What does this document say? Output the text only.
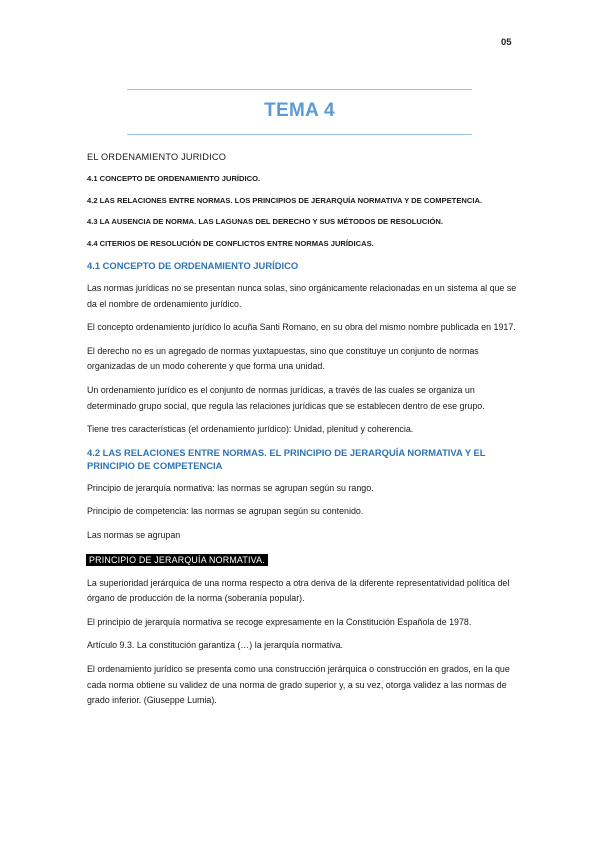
05
TEMA 4
EL ORDENAMIENTO JURIDICO
4.1 CONCEPTO DE ORDENAMIENTO JURÍDICO.
4.2 LAS RELACIONES ENTRE NORMAS. LOS PRINCIPIOS DE JERARQUÍA NORMATIVA Y DE COMPETENCIA.
4.3 LA AUSENCIA DE NORMA. LAS LAGUNAS DEL DERECHO Y SUS MÉTODOS DE RESOLUCIÓN.
4.4 CITERIOS DE RESOLUCIÓN DE CONFLICTOS ENTRE NORMAS JURÍDICAS.
4.1 CONCEPTO DE ORDENAMIENTO JURÍDICO

Las normas jurídicas no se presentan nunca solas, sino orgánicamente relacionadas en un sistema al que se da el nombre de ordenamiento jurídico.

El concepto ordenamiento jurídico lo acuña Santi Romano, en su obra del mismo nombre publicada en 1917.

El derecho no es un agregado de normas yuxtapuestas, sino que constituye un conjunto de normas organizadas de un modo coherente y que forma una unidad.

Un ordenamiento jurídico es el conjunto de normas jurídicas, a través de las cuales se organiza un determinado grupo social, que regula las relaciones jurídicas que se establecen dentro de ese grupo.

Tiene tres características (el ordenamiento jurídico): Unidad, plenitud y coherencia.

4.2 LAS RELACIONES ENTRE NORMAS. EL PRINCIPIO DE JERARQUÍA NORMATIVA Y EL PRINCIPIO DE COMPETENCIA

Principio de jerarquía normativa: las normas se agrupan según su rango.

Principio de competencia: las normas se agrupan según su contenido.

Las normas se agrupan

PRINCIPIO DE JERARQUÍA NORMATIVA.

La superioridad jerárquica de una norma respecto a otra deriva de la diferente representatividad política del órgano de producción de la norma (soberanía popular).

El principio de jerarquía normativa se recoge expresamente en la Constitución Española de 1978.

Artículo 9.3. La constitución garantiza (…) la jerarquía normativa.

El ordenamiento jurídico se presenta como una construcción jerárquica o construcción en grados, en la que cada norma obtiene su validez de una norma de grado superior y, a su vez, otorga validez a las normas de grado inferior. (Giuseppe Lumia).
